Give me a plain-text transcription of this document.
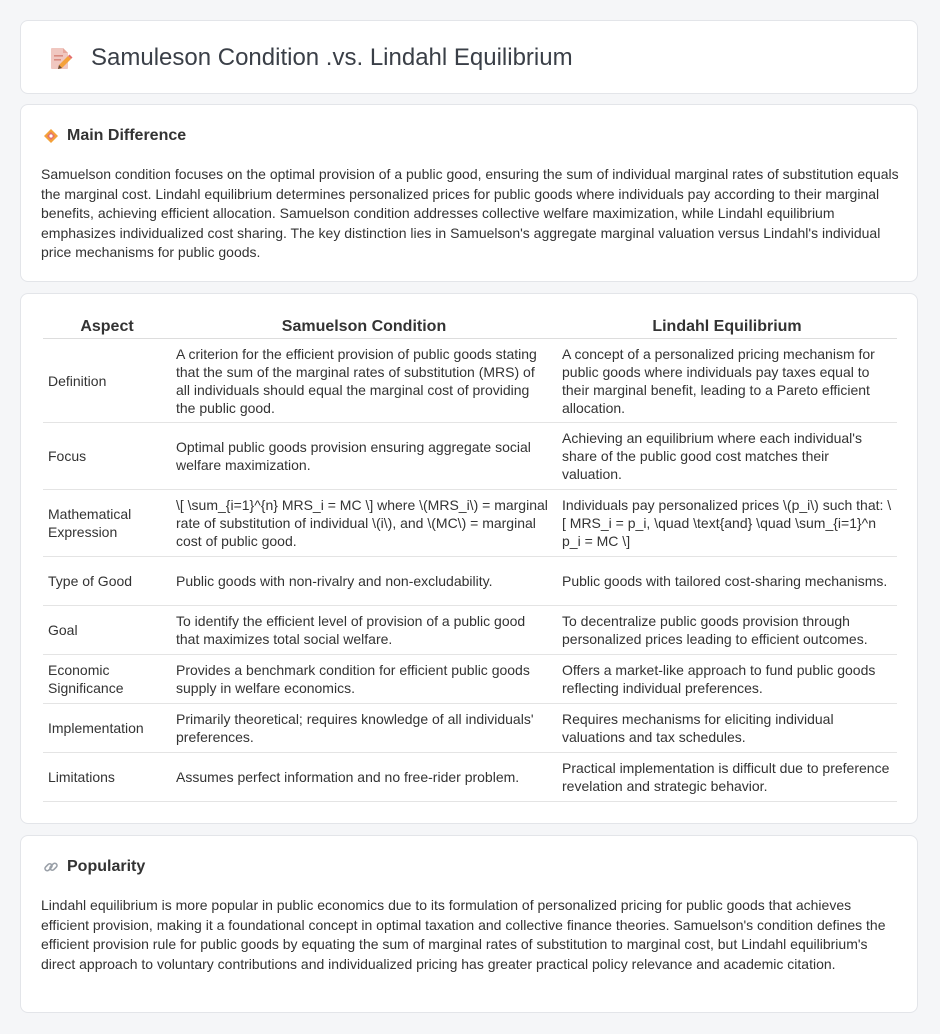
Samuleson Condition .vs. Lindahl Equilibrium
Main Difference

Samuelson condition focuses on the optimal provision of a public good, ensuring the sum of individual marginal rates of substitution equals the marginal cost. Lindahl equilibrium determines personalized prices for public goods where individuals pay according to their marginal benefits, achieving efficient allocation. Samuelson condition addresses collective welfare maximization, while Lindahl equilibrium emphasizes individualized cost sharing. The key distinction lies in Samuelson's aggregate marginal valuation versus Lindahl's individual price mechanisms for public goods.

Aspect	Samuelson Condition	Lindahl Equilibrium
Definition	A criterion for the efficient provision of public goods stating that the sum of the marginal rates of substitution (MRS) of all individuals should equal the marginal cost of providing the public good.	A concept of a personalized pricing mechanism for public goods where individuals pay taxes equal to their marginal benefit, leading to a Pareto efficient allocation.
Focus	Optimal public goods provision ensuring aggregate social welfare maximization.	Achieving an equilibrium where each individual's share of the public good cost matches their valuation.
Mathematical Expression	\[ \sum_{i=1}^{n} MRS_i = MC \] where \(MRS_i\) = marginal rate of substitution of individual \(i\), and \(MC\) = marginal cost of public good.	Individuals pay personalized prices \(p_i\) such that: \[ MRS_i = p_i, \quad \text{and} \quad \sum_{i=1}^n p_i = MC \]
Type of Good	Public goods with non-rivalry and non-excludability.	Public goods with tailored cost-sharing mechanisms.
Goal	To identify the efficient level of provision of a public good that maximizes total social welfare.	To decentralize public goods provision through personalized prices leading to efficient outcomes.
Economic Significance	Provides a benchmark condition for efficient public goods supply in welfare economics.	Offers a market-like approach to fund public goods reflecting individual preferences.
Implementation	Primarily theoretical; requires knowledge of all individuals' preferences.	Requires mechanisms for eliciting individual valuations and tax schedules.
Limitations	Assumes perfect information and no free-rider problem.	Practical implementation is difficult due to preference revelation and strategic behavior.
Popularity

Lindahl equilibrium is more popular in public economics due to its formulation of personalized pricing for public goods that achieves efficient provision, making it a foundational concept in optimal taxation and collective finance theories. Samuelson's condition defines the efficient provision rule for public goods by equating the sum of marginal rates of substitution to marginal cost, but Lindahl equilibrium's direct approach to voluntary contributions and individualized pricing has greater practical policy relevance and academic citation.
